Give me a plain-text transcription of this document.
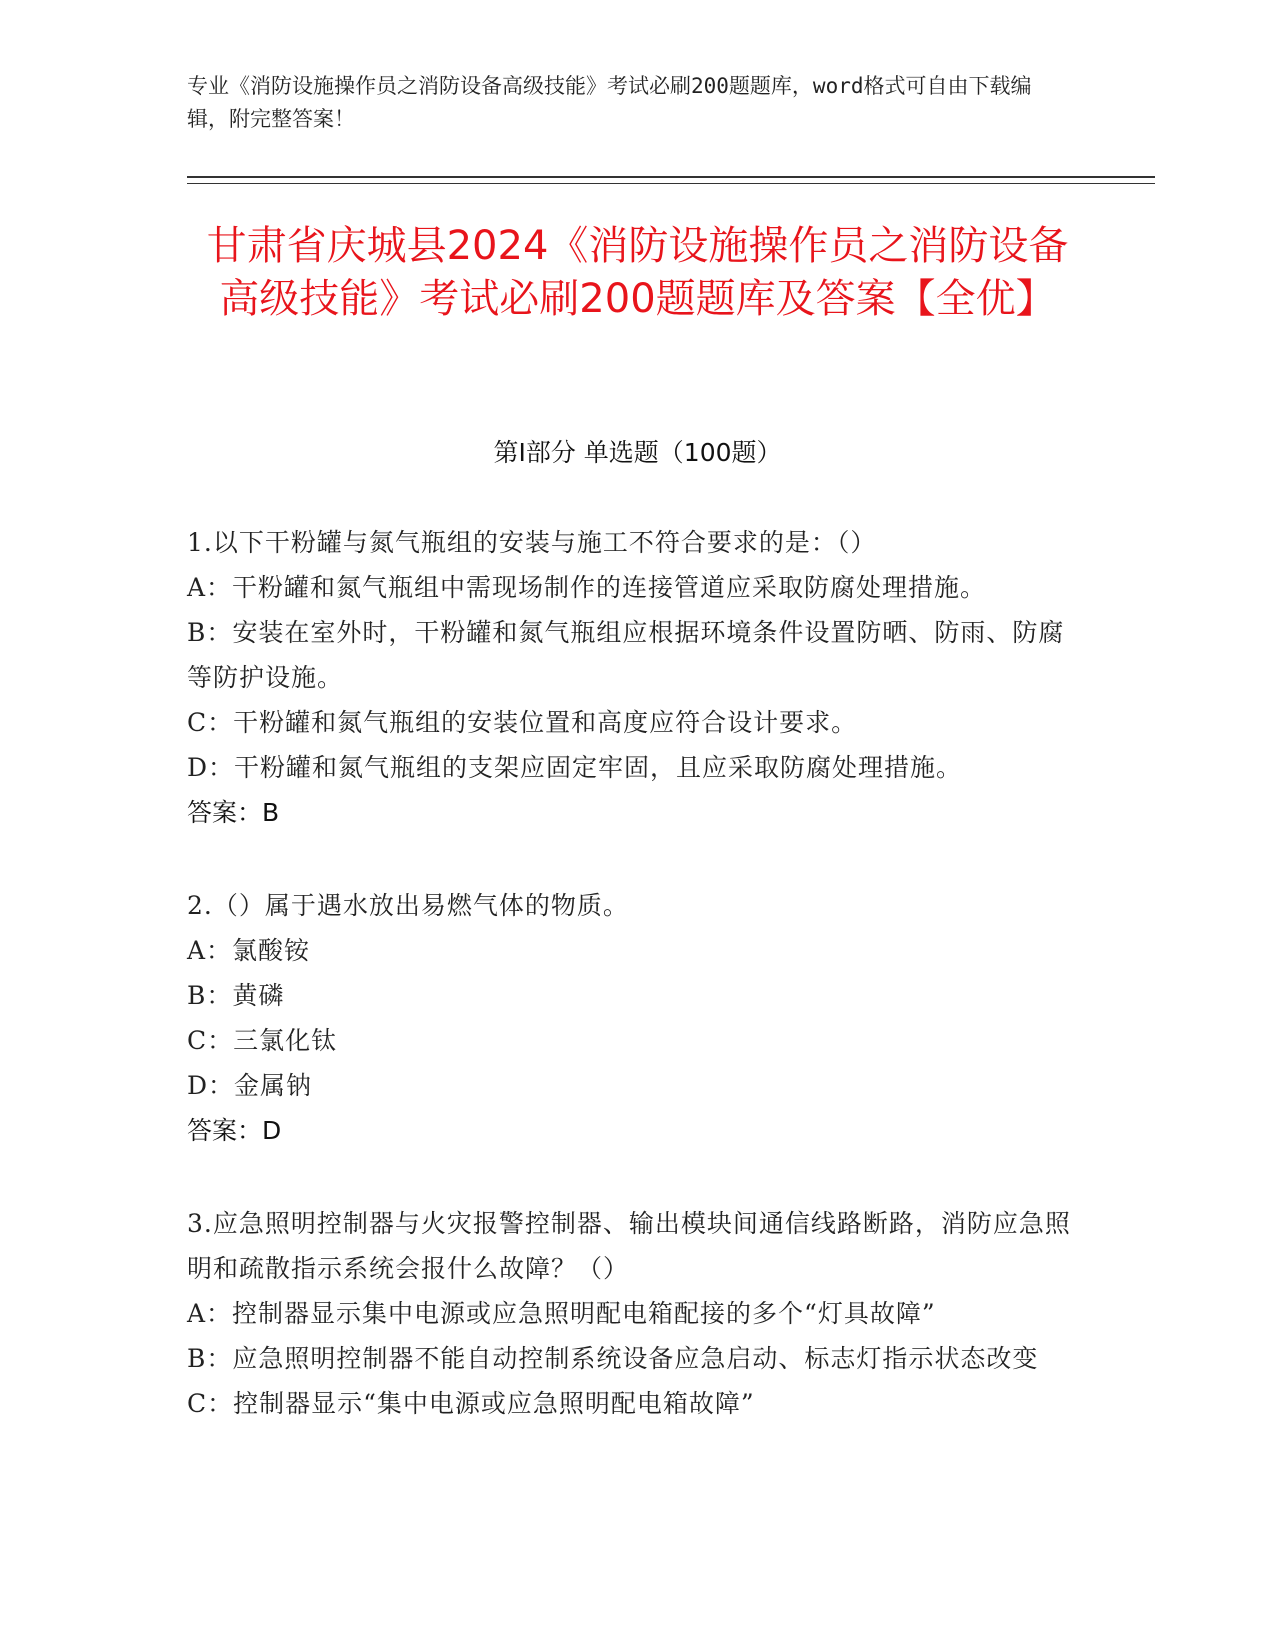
专业《消防设施操作员之消防设备高级技能》考试必刷200题题库，word格式可自由下载编辑，附完整答案！
甘肃省庆城县2024《消防设施操作员之消防设备高级技能》考试必刷200题题库及答案【全优】
第I部分 单选题（100题）
1.以下干粉罐与氮气瓶组的安装与施工不符合要求的是：（）
A：干粉罐和氮气瓶组中需现场制作的连接管道应采取防腐处理措施。
B：安装在室外时，干粉罐和氮气瓶组应根据环境条件设置防晒、防雨、防腐等防护设施。
C：干粉罐和氮气瓶组的安装位置和高度应符合设计要求。
D：干粉罐和氮气瓶组的支架应固定牢固，且应采取防腐处理措施。
答案：B
2.（）属于遇水放出易燃气体的物质。
A：氯酸铵
B：黄磷
C：三氯化钛
D：金属钠
答案：D
3.应急照明控制器与火灾报警控制器、输出模块间通信线路断路，消防应急照明和疏散指示系统会报什么故障？（）
A：控制器显示集中电源或应急照明配电箱配接的多个“灯具故障”
B：应急照明控制器不能自动控制系统设备应急启动、标志灯指示状态改变
C：控制器显示“集中电源或应急照明配电箱故障”
